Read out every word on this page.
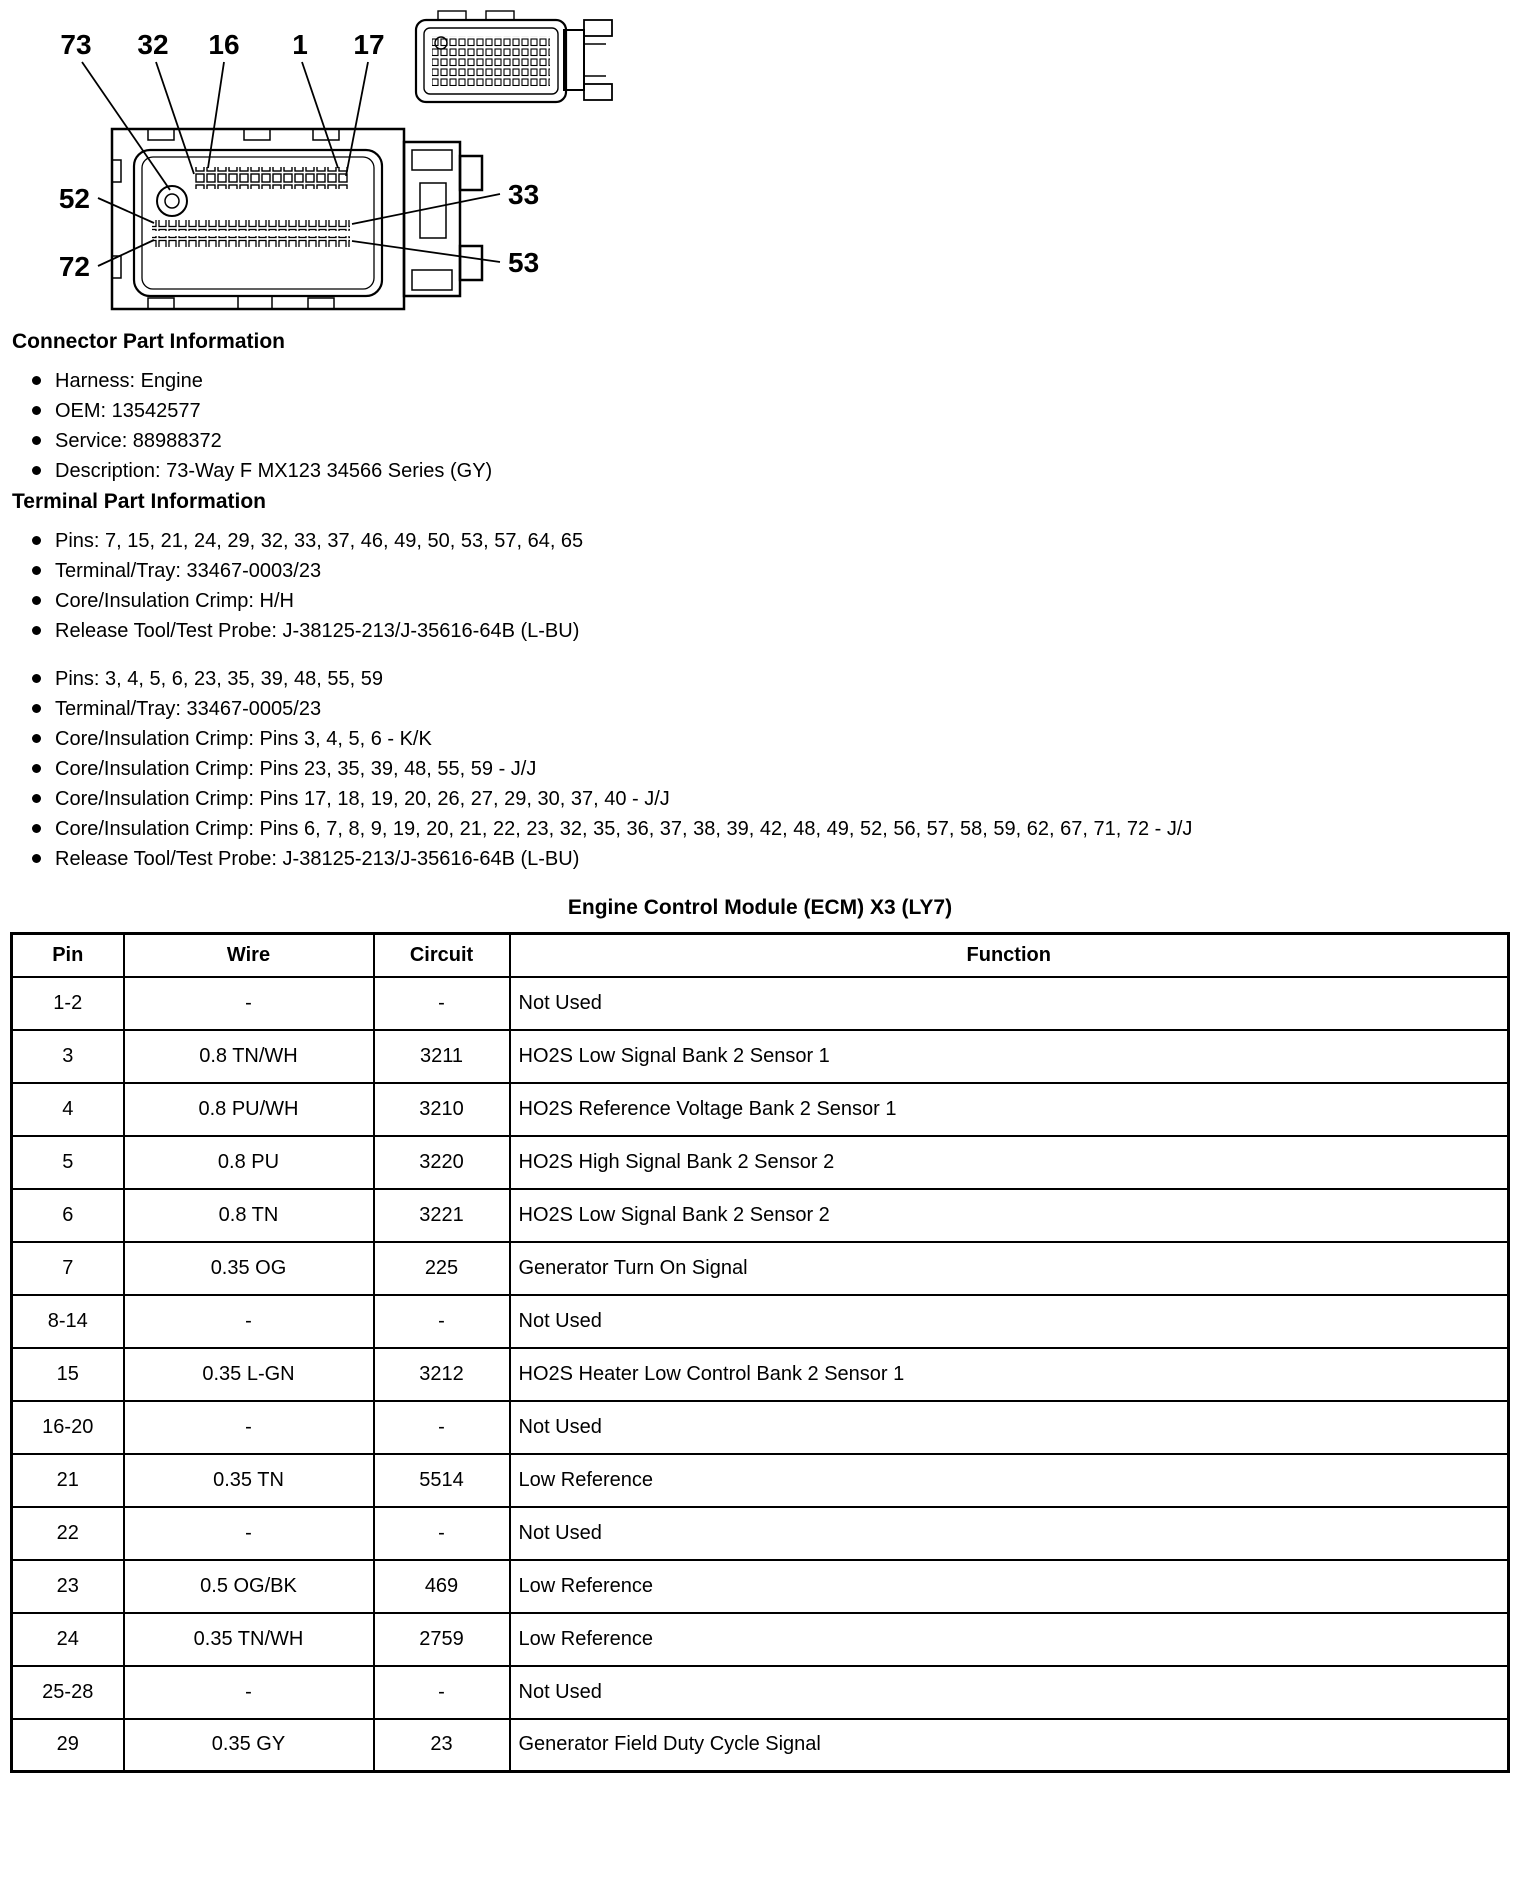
73 32 16 1 17
52
72
33
53
Connector Part Information
Harness: Engine
OEM: 13542577
Service: 88988372
Description: 73-Way F MX123 34566 Series (GY)
Terminal Part Information
Pins: 7, 15, 21, 24, 29, 32, 33, 37, 46, 49, 50, 53, 57, 64, 65
Terminal/Tray: 33467-0003/23
Core/Insulation Crimp: H/H
Release Tool/Test Probe: J-38125-213/J-35616-64B (L-BU)
Pins: 3, 4, 5, 6, 23, 35, 39, 48, 55, 59
Terminal/Tray: 33467-0005/23
Core/Insulation Crimp: Pins 3, 4, 5, 6 - K/K
Core/Insulation Crimp: Pins 23, 35, 39, 48, 55, 59 - J/J
Core/Insulation Crimp: Pins 17, 18, 19, 20, 26, 27, 29, 30, 37, 40 - J/J
Core/Insulation Crimp: Pins 6, 7, 8, 9, 19, 20, 21, 22, 23, 32, 35, 36, 37, 38, 39, 42, 48, 49, 52, 56, 57, 58, 59, 62, 67, 71, 72 - J/J
Release Tool/Test Probe: J-38125-213/J-35616-64B (L-BU)
Engine Control Module (ECM) X3 (LY7)
Pin	Wire	Circuit	Function
1-2	-	-	Not Used
3	0.8 TN/WH	3211	HO2S Low Signal Bank 2 Sensor 1
4	0.8 PU/WH	3210	HO2S Reference Voltage Bank 2 Sensor 1
5	0.8 PU	3220	HO2S High Signal Bank 2 Sensor 2
6	0.8 TN	3221	HO2S Low Signal Bank 2 Sensor 2
7	0.35 OG	225	Generator Turn On Signal
8-14	-	-	Not Used
15	0.35 L-GN	3212	HO2S Heater Low Control Bank 2 Sensor 1
16-20	-	-	Not Used
21	0.35 TN	5514	Low Reference
22	-	-	Not Used
23	0.5 OG/BK	469	Low Reference
24	0.35 TN/WH	2759	Low Reference
25-28	-	-	Not Used
29	0.35 GY	23	Generator Field Duty Cycle Signal
